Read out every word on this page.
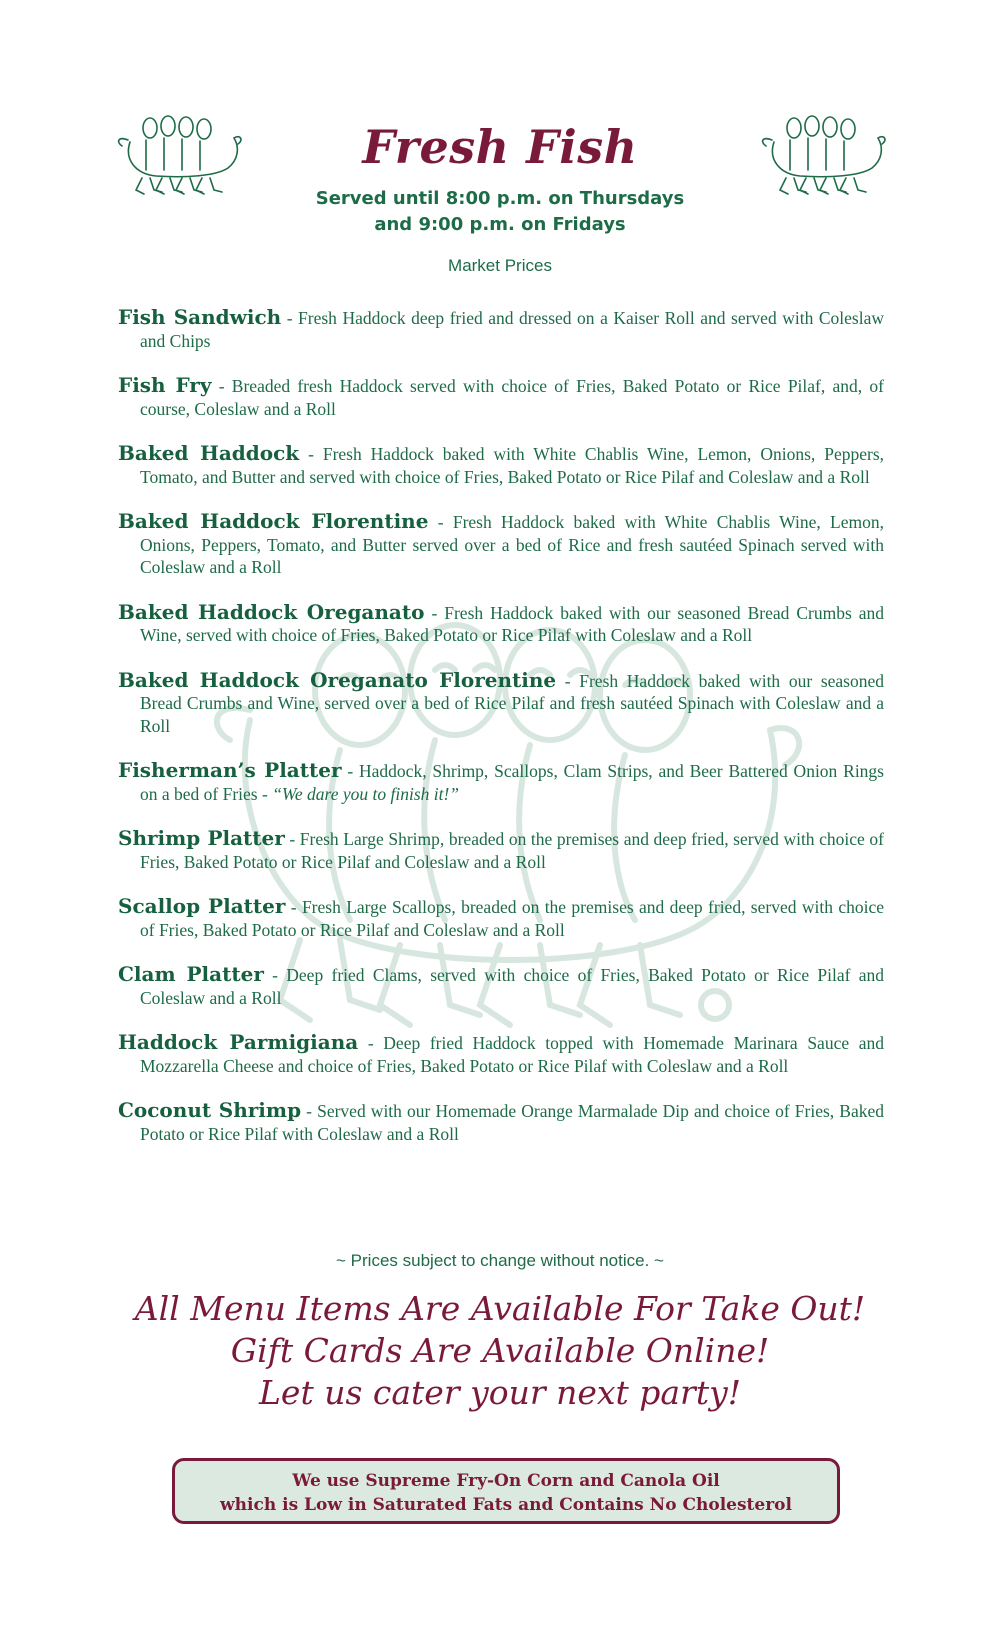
Fresh Fish
Served until 8:00 p.m. on Thursdays
and 9:00 p.m. on Fridays
Market Prices
Fish Sandwich - Fresh Haddock deep fried and dressed on a Kaiser Roll and served with Coleslaw and Chips
Fish Fry - Breaded fresh Haddock served with choice of Fries, Baked Potato or Rice Pilaf, and, of course, Coleslaw and a Roll
Baked Haddock - Fresh Haddock baked with White Chablis Wine, Lemon, Onions, Peppers, Tomato, and Butter and served with choice of Fries, Baked Potato or Rice Pilaf and Coleslaw and a Roll
Baked Haddock Florentine - Fresh Haddock baked with White Chablis Wine, Lemon, Onions, Peppers, Tomato, and Butter served over a bed of Rice and fresh sautéed Spinach served with Coleslaw and a Roll
Baked Haddock Oreganato - Fresh Haddock baked with our seasoned Bread Crumbs and Wine, served with choice of Fries, Baked Potato or Rice Pilaf with Coleslaw and a Roll
Baked Haddock Oreganato Florentine - Fresh Haddock baked with our seasoned Bread Crumbs and Wine, served over a bed of Rice Pilaf and fresh sautéed Spinach with Coleslaw and a Roll
Fisherman’s Platter - Haddock, Shrimp, Scallops, Clam Strips, and Beer Battered Onion Rings on a bed of Fries - “We dare you to finish it!”
Shrimp Platter - Fresh Large Shrimp, breaded on the premises and deep fried, served with choice of Fries, Baked Potato or Rice Pilaf and Coleslaw and a Roll
Scallop Platter - Fresh Large Scallops, breaded on the premises and deep fried, served with choice of Fries, Baked Potato or Rice Pilaf and Coleslaw and a Roll
Clam Platter - Deep fried Clams, served with choice of Fries, Baked Potato or Rice Pilaf and Coleslaw and a Roll
Haddock Parmigiana - Deep fried Haddock topped with Homemade Marinara Sauce and Mozzarella Cheese and choice of Fries, Baked Potato or Rice Pilaf with Coleslaw and a Roll
Coconut Shrimp - Served with our Homemade Orange Marmalade Dip and choice of Fries, Baked Potato or Rice Pilaf with Coleslaw and a Roll
~ Prices subject to change without notice. ~
All Menu Items Are Available For Take Out!
Gift Cards Are Available Online!
Let us cater your next party!
We use Supreme Fry-On Corn and Canola Oil
which is Low in Saturated Fats and Contains No Cholesterol
